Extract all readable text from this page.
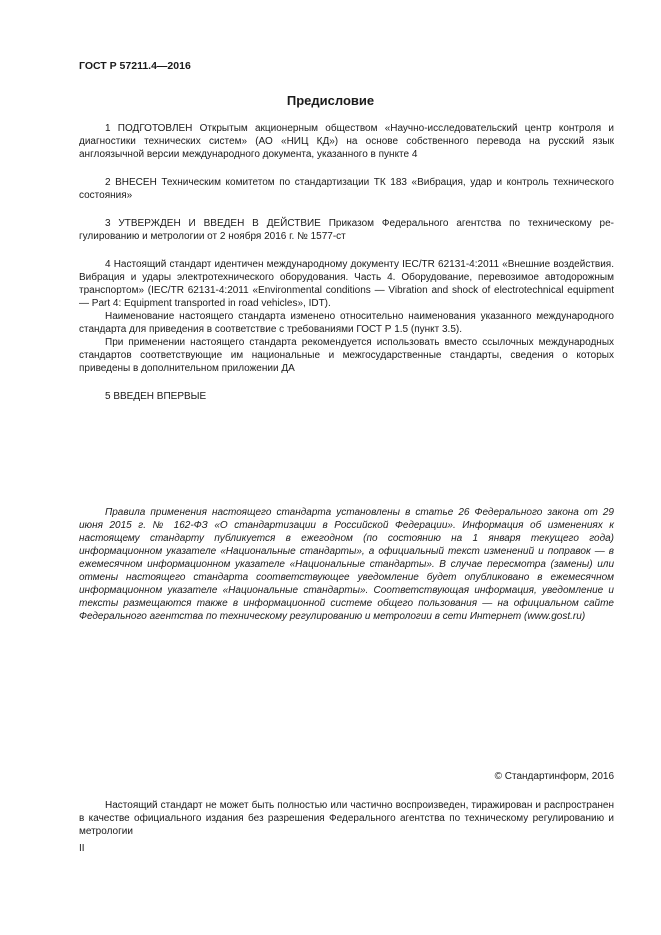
ГОСТ Р 57211.4—2016
Предисловие

1 ПОДГОТОВЛЕН Открытым акционерным обществом «Научно-исследовательский центр контроля и диагностики технических систем» (АО «НИЦ КД») на основе собственного перевода на русский язык англоязычной версии международного документа, указанного в пункте 4

2 ВНЕСЕН Техническим комитетом по стандартизации ТК 183 «Вибрация, удар и контроль технического состояния»

3 УТВЕРЖДЕН И ВВЕДЕН В ДЕЙСТВИЕ Приказом Федерального агентства по техническому регулированию и метрологии от 2 ноября 2016 г. № 1577-ст

4 Настоящий стандарт идентичен международному документу IEC/TR 62131-4:2011 «Внешние воздействия. Вибрация и удары электротехнического оборудования. Часть 4. Оборудование, перевозимое автодорожным транспортом» (IEC/TR 62131-4:2011 «Environmental conditions — Vibration and shock of electrotechnical equipment — Part 4: Equipment transported in road vehicles», IDT).

Наименование настоящего стандарта изменено относительно наименования указанного международного стандарта для приведения в соответствие с требованиями ГОСТ Р 1.5 (пункт 3.5).

При применении настоящего стандарта рекомендуется использовать вместо ссылочных международных стандартов соответствующие им национальные и межгосударственные стандарты, сведения о которых приведены в дополнительном приложении ДА

5 ВВЕДЕН ВПЕРВЫЕ

Правила применения настоящего стандарта установлены в статье 26 Федерального закона от 29 июня 2015 г. № 162-ФЗ «О стандартизации в Российской Федерации». Информация об изменениях к настоящему стандарту публикуется в ежегодном (по состоянию на 1 января текущего года) информационном указателе «Национальные стандарты», а официальный текст изменений и поправок — в ежемесячном информационном указателе «Национальные стандарты». В случае пересмотра (замены) или отмены настоящего стандарта соответствующее уведомление будет опубликовано в ежемесячном информационном указателе «Национальные стандарты». Соответствующая информация, уведомление и тексты размещаются также в информационной системе общего пользования — на официальном сайте Федерального агентства по техническому регулированию и метрологии в сети Интернет (www.gost.ru)

© Стандартинформ, 2016

Настоящий стандарт не может быть полностью или частично воспроизведен, тиражирован и распространен в качестве официального издания без разрешения Федерального агентства по техническому регулированию и метрологии

II
